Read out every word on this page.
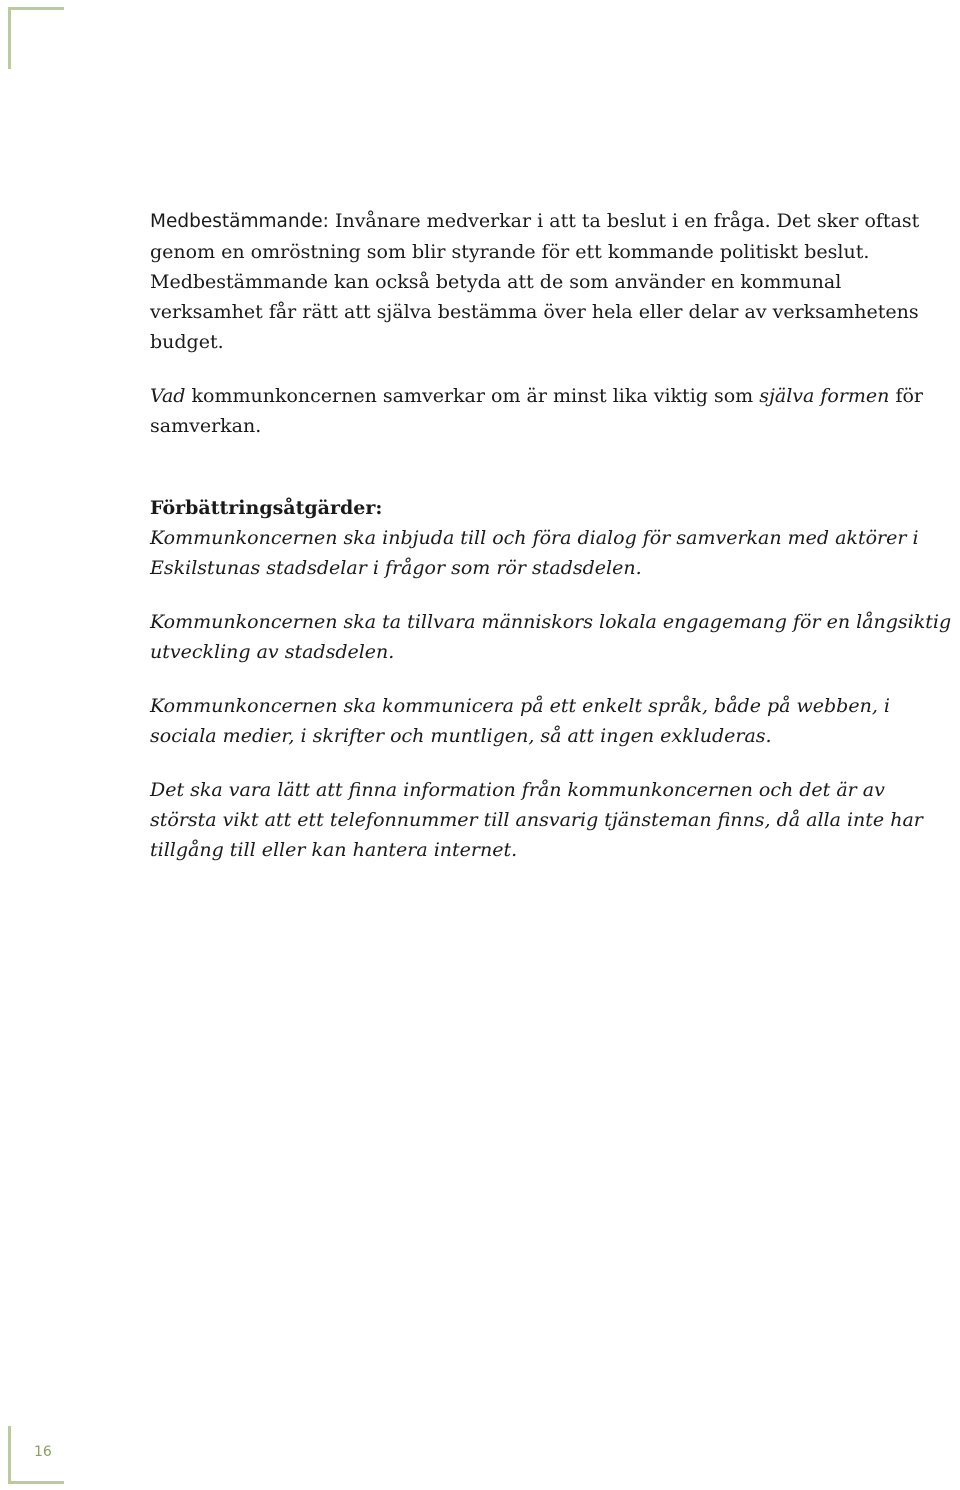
Medbestämmande: Invånare medverkar i att ta beslut i en fråga. Det sker oftast genom en omröstning som blir styrande för ett kommande politiskt beslut. Medbestämmande kan också betyda att de som använder en kommunal verksamhet får rätt att själva bestämma över hela eller delar av verksamhetens budget.

Vad kommunkoncernen samverkar om är minst lika viktig som själva formen för samverkan.

Förbättringsåtgärder:

Kommunkoncernen ska inbjuda till och föra dialog för samverkan med aktörer i Eskilstunas stadsdelar i frågor som rör stadsdelen.

Kommunkoncernen ska ta tillvara människors lokala engagemang för en långsiktig utveckling av stadsdelen.

Kommunkoncernen ska kommunicera på ett enkelt språk, både på webben, i sociala medier, i skrifter och muntligen, så att ingen exkluderas.

Det ska vara lätt att finna information från kommunkoncernen och det är av största vikt att ett telefonnummer till ansvarig tjänsteman finns, då alla inte har tillgång till eller kan hantera internet.

16
